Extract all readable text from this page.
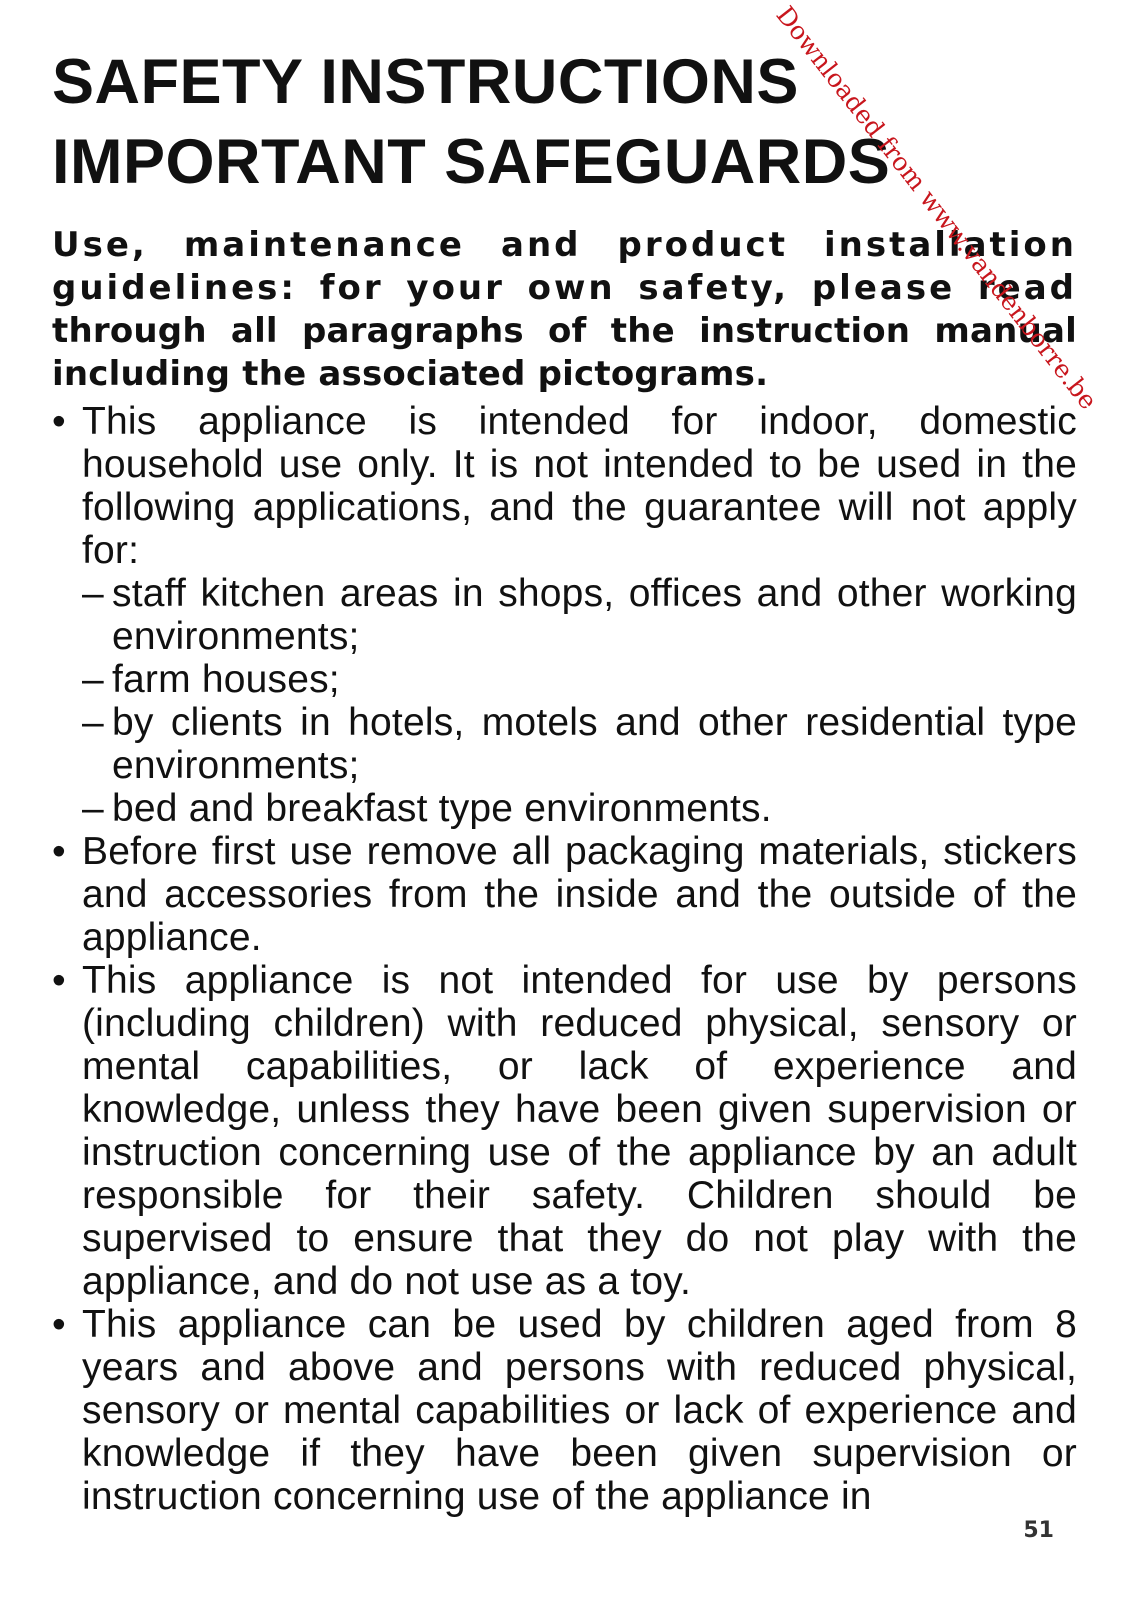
SAFETY INSTRUCTIONS
IMPORTANT SAFEGUARDS

Use, maintenance and product installation guidelines: for your own safety, please read through all paragraphs of the instruction manual including the associated pictograms.

• This appliance is intended for indoor, domestic household use only. It is not intended to be used in the following applications, and the guarantee will not apply for:
– staff kitchen areas in shops, offices and other working environments;
– farm houses;
– by clients in hotels, motels and other residential type environments;
– bed and breakfast type environments.
• Before first use remove all packaging materials, stickers and accessories from the inside and the outside of the appliance.
• This appliance is not intended for use by persons (including children) with reduced physical, sensory or mental capabilities, or lack of experience and knowledge, unless they have been given supervision or instruction concerning use of the appliance by an adult responsible for their safety. Children should be supervised to ensure that they do not play with the appliance, and do not use as a toy.
• This appliance can be used by children aged from 8 years and above and persons with reduced physical, sensory or mental capabilities or lack of experience and knowledge if they have been given supervision or instruction concerning use of the appliance in
51
Downloaded from www.vandenborre.be
